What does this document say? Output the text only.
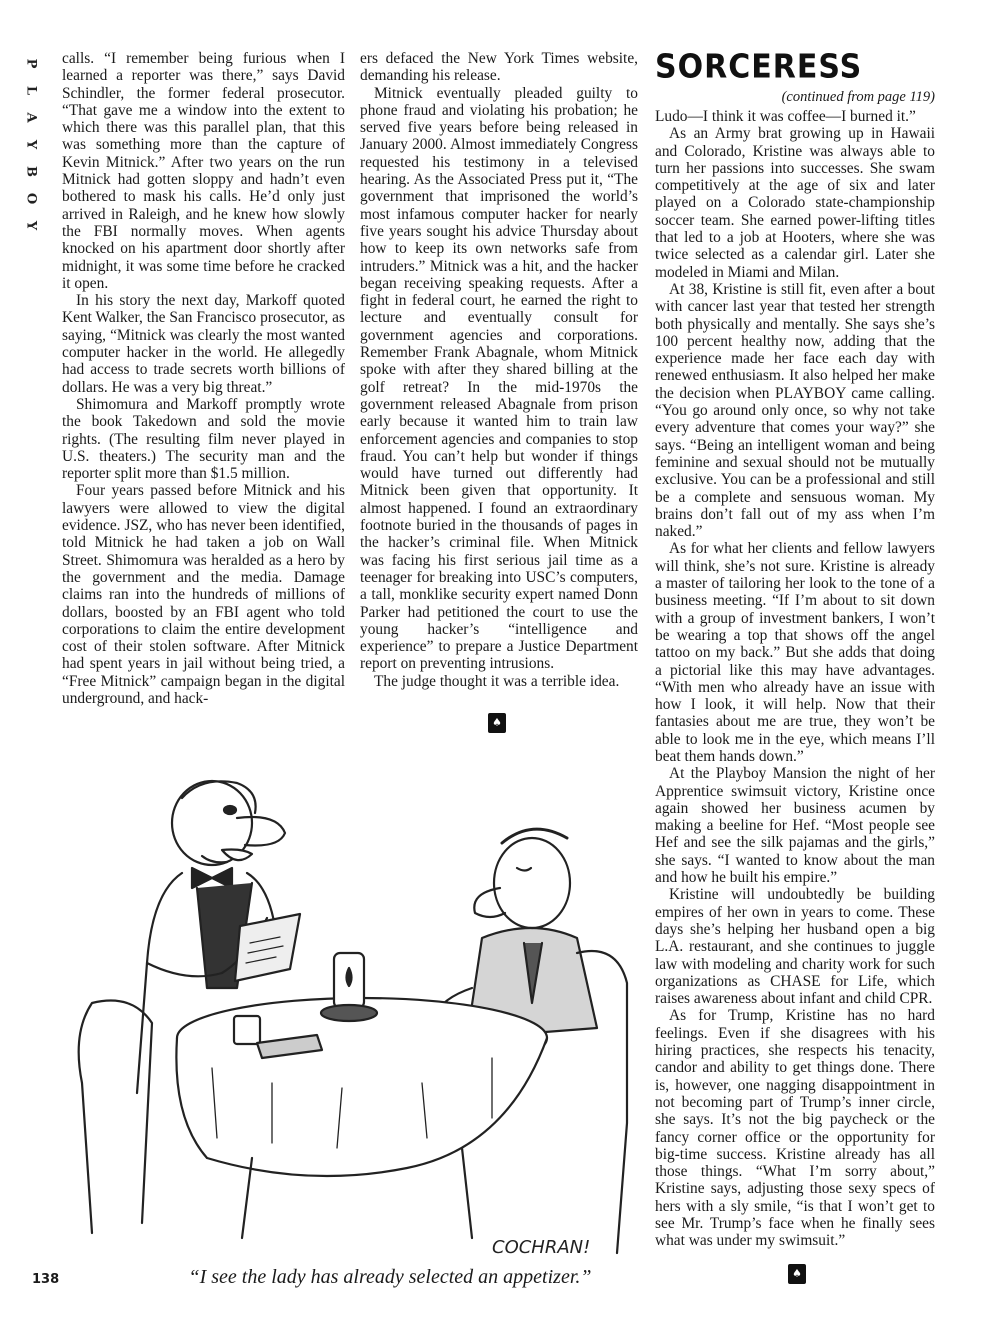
P
L
A
Y
B
O
Y

calls. “I remember being furious when I learned a reporter was there,” says David Schindler, the former federal prosecutor. “That gave me a window into the extent to which there was this parallel plan, that this was something more than the capture of Kevin Mitnick.” After two years on the run Mitnick had gotten sloppy and hadn’t even bothered to mask his calls. He’d only just arrived in Raleigh, and he knew how slowly the FBI normally moves. When agents knocked on his apartment door shortly after midnight, it was some time before he cracked it open.

In his story the next day, Markoff quoted Kent Walker, the San Francisco prosecutor, as saying, “Mitnick was clearly the most wanted computer hacker in the world. He allegedly had access to trade secrets worth billions of dollars. He was a very big threat.”

Shimomura and Markoff promptly wrote the book Takedown and sold the movie rights. (The resulting film never played in U.S. theaters.) The security man and the reporter split more than $1.5 million.

Four years passed before Mitnick and his lawyers were allowed to view the digital evidence. JSZ, who has never been identified, told Mitnick he had taken a job on Wall Street. Shimomura was heralded as a hero by the government and the media. Damage claims ran into the hundreds of millions of dollars, boosted by an FBI agent who told corporations to claim the entire development cost of their stolen software. After Mitnick had spent years in jail without being tried, a “Free Mitnick” campaign began in the digital underground, and hack-

ers defaced the New York Times website, demanding his release.

Mitnick eventually pleaded guilty to phone fraud and violating his probation; he served five years before being released in January 2000. Almost immediately Congress requested his testimony in a televised hearing. As the Associated Press put it, “The government that imprisoned the world’s most infamous computer hacker for nearly five years sought his advice Thursday about how to keep its own networks safe from intruders.” Mitnick was a hit, and the hacker began receiving speaking requests. After a fight in federal court, he earned the right to lecture and eventually consult for government agencies and corporations. Remember Frank Abagnale, whom Mitnick spoke with after they shared billing at the golf retreat? In the mid-1970s the government released Abagnale from prison early because it wanted him to train law enforcement agencies and companies to stop fraud. You can’t help but wonder if things would have turned out differently had Mitnick been given that opportunity. It almost happened. I found an extraordinary footnote buried in the thousands of pages in the hacker’s criminal file. When Mitnick was facing his first serious jail time as a teenager for breaking into USC’s computers, a tall, monklike security expert named Donn Parker had petitioned the court to use the young hacker’s “intelligence and experience” to prepare a Justice Department report on preventing intrusions.

The judge thought it was a terrible idea.

♠
SORCERESS
(continued from page 119)

Ludo—I think it was coffee—I burned it.”

As an Army brat growing up in Hawaii and Colorado, Kristine was always able to turn her passions into successes. She swam competitively at the age of six and later played on a Colorado state-championship soccer team. She earned power-lifting titles that led to a job at Hooters, where she was twice selected as a calendar girl. Later she modeled in Miami and Milan.

At 38, Kristine is still fit, even after a bout with cancer last year that tested her strength both physically and mentally. She says she’s 100 percent healthy now, adding that the experience made her face each day with renewed enthusiasm. It also helped her make the decision when PLAYBOY came calling. “You go around only once, so why not take every adventure that comes your way?” she says. “Being an intelligent woman and being feminine and sexual should not be mutually exclusive. You can be a professional and still be a complete and sensuous woman. My brains don’t fall out of my ass when I’m naked.”

As for what her clients and fellow lawyers will think, she’s not sure. Kristine is already a master of tailoring her look to the tone of a business meeting. “If I’m about to sit down with a group of investment bankers, I won’t be wearing a top that shows off the angel tattoo on my back.” But she adds that doing a pictorial like this may have advantages. “With men who already have an issue with how I look, it will help. Now that their fantasies about me are true, they won’t be able to look me in the eye, which means I’ll beat them hands down.”

At the Playboy Mansion the night of her Apprentice swimsuit victory, Kristine once again showed her business acumen by making a beeline for Hef. “Most people see Hef and see the silk pajamas and the girls,” she says. “I wanted to know about the man and how he built his empire.”

Kristine will undoubtedly be building empires of her own in years to come. These days she’s helping her husband open a big L.A. restaurant, and she continues to juggle law with modeling and charity work for such organizations as CHASE for Life, which raises awareness about infant and child CPR.

As for Trump, Kristine has no hard feelings. Even if she disagrees with his hiring practices, she respects his tenacity, candor and ability to get things done. There is, however, one nagging disappointment in not becoming part of Trump’s inner circle, she says. It’s not the big paycheck or the fancy corner office or the opportunity for big-time success. Kristine already has all those things. “What I’m sorry about,” Kristine says, adjusting those sexy specs of hers with a sly smile, “is that I won’t get to see Mr. Trump’s face when he finally sees what was under my swimsuit.”

♠
COCHRAN!
“I see the lady has already selected an appetizer.”
138
